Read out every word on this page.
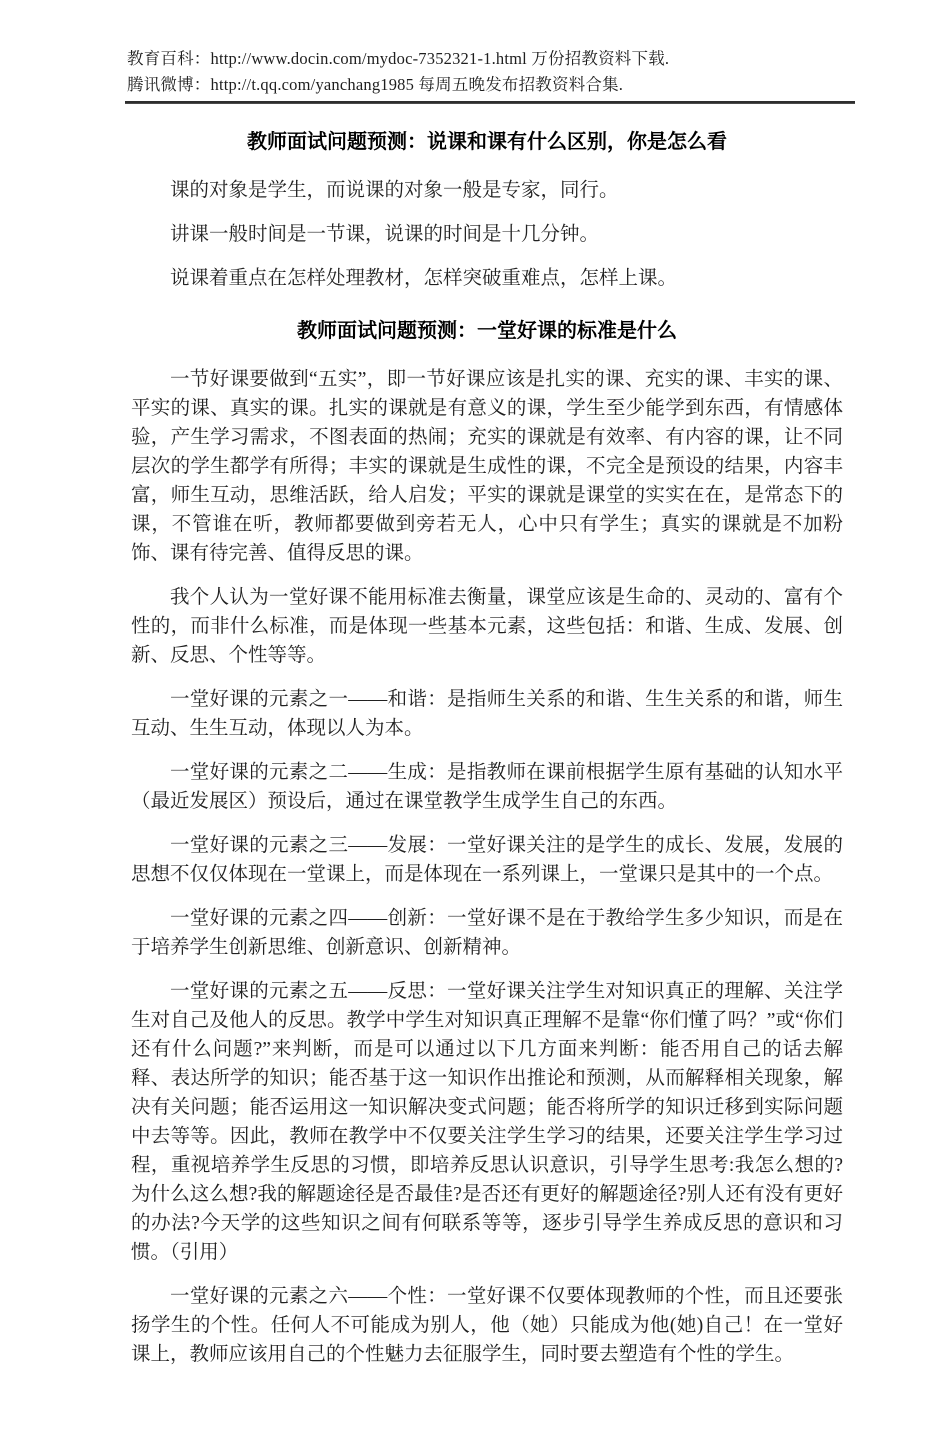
教育百科：http://www.docin.com/mydoc-7352321-1.html 万份招教资料下载.
腾讯微博：http://t.qq.com/yanchang1985 每周五晚发布招教资料合集.
教师面试问题预测：说课和课有什么区别，你是怎么看

课的对象是学生，而说课的对象一般是专家，同行。

讲课一般时间是一节课，说课的时间是十几分钟。

说课着重点在怎样处理教材，怎样突破重难点，怎样上课。

教师面试问题预测：一堂好课的标准是什么

一节好课要做到“五实”，即一节好课应该是扎实的课、充实的课、丰实的课、平实的课、真实的课。扎实的课就是有意义的课，学生至少能学到东西，有情感体验，产生学习需求，不图表面的热闹；充实的课就是有效率、有内容的课，让不同层次的学生都学有所得；丰实的课就是生成性的课，不完全是预设的结果，内容丰富，师生互动，思维活跃，给人启发；平实的课就是课堂的实实在在，是常态下的课，不管谁在听，教师都要做到旁若无人，心中只有学生；真实的课就是不加粉饰、课有待完善、值得反思的课。

我个人认为一堂好课不能用标准去衡量，课堂应该是生命的、灵动的、富有个性的，而非什么标准，而是体现一些基本元素，这些包括：和谐、生成、发展、创新、反思、个性等等。

一堂好课的元素之一——和谐：是指师生关系的和谐、生生关系的和谐，师生互动、生生互动，体现以人为本。

一堂好课的元素之二——生成：是指教师在课前根据学生原有基础的认知水平（最近发展区）预设后，通过在课堂教学生成学生自己的东西。

一堂好课的元素之三——发展：一堂好课关注的是学生的成长、发展，发展的思想不仅仅体现在一堂课上，而是体现在一系列课上，一堂课只是其中的一个点。

一堂好课的元素之四——创新：一堂好课不是在于教给学生多少知识，而是在于培养学生创新思维、创新意识、创新精神。

一堂好课的元素之五——反思：一堂好课关注学生对知识真正的理解、关注学生对自己及他人的反思。教学中学生对知识真正理解不是靠“你们懂了吗？”或“你们还有什么问题?”来判断，而是可以通过以下几方面来判断：能否用自己的话去解释、表达所学的知识；能否基于这一知识作出推论和预测，从而解释相关现象，解决有关问题；能否运用这一知识解决变式问题；能否将所学的知识迁移到实际问题中去等等。因此，教师在教学中不仅要关注学生学习的结果，还要关注学生学习过程，重视培养学生反思的习惯，即培养反思认识意识，引导学生思考:我怎么想的?为什么这么想?我的解题途径是否最佳?是否还有更好的解题途径?别人还有没有更好的办法?今天学的这些知识之间有何联系等等，逐步引导学生养成反思的意识和习惯。（引用）

一堂好课的元素之六——个性：一堂好课不仅要体现教师的个性，而且还要张扬学生的个性。任何人不可能成为别人，他（她）只能成为他(她)自己！在一堂好课上，教师应该用自己的个性魅力去征服学生，同时要去塑造有个性的学生。
